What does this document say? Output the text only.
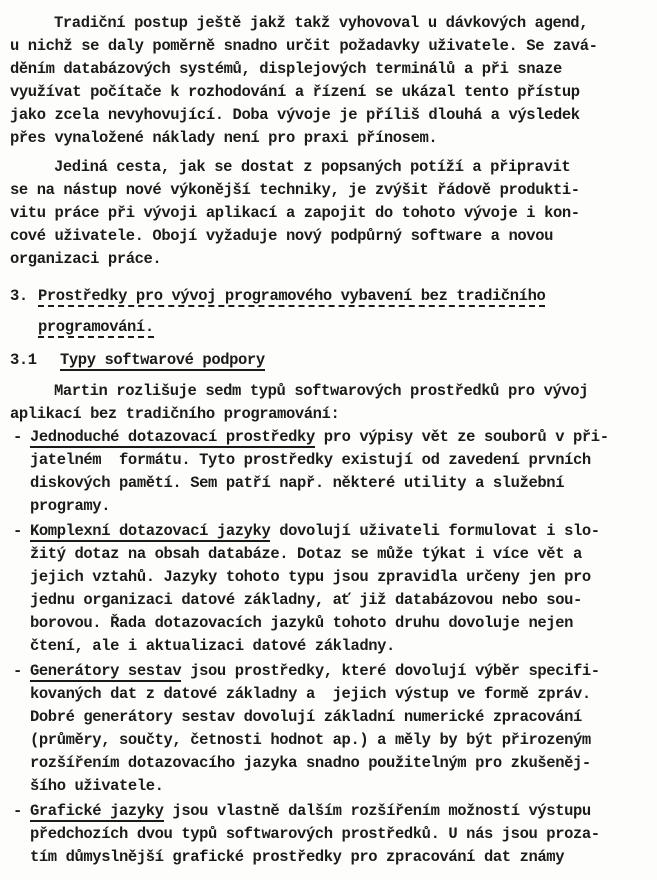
Tradiční postup ještě jakž takž vyhovoval u dávkových agend,
u nichž se daly poměrně snadno určit požadavky uživatele. Se zavá-
děním databázových systémů, displejových terminálů a při snaze
využívat počítače k rozhodování a řízení se ukázal tento přístup
jako zcela nevyhovující. Doba vývoje je příliš dlouhá a výsledek
přes vynaložené náklady není pro praxi přínosem.
Jediná cesta, jak se dostat z popsaných potíží a připravit
se na nástup nové výkonější techniky, je zvýšit řádově produkti-
vitu práce při vývoji aplikací a zapojit do tohoto vývoje i kon-
cové uživatele. Obojí vyžaduje nový podpůrný software a novou
organizaci práce.
3. Prostředky pro vývoj programového vybavení bez tradičního
programování.
3.1 Typy softwarové podpory
Martin rozlišuje sedm typů softwarových prostředků pro vývoj
aplikací bez tradičního programování:
- Jednoduché dotazovací prostředky pro výpisy vět ze souborů v při-
jatelném  formátu. Tyto prostředky existují od zavedení prvních
diskových pamětí. Sem patří např. některé utility a služební
programy.
- Komplexní dotazovací jazyky dovolují uživateli formulovat i slo-
žitý dotaz na obsah databáze. Dotaz se může týkat i více vět a
jejich vztahů. Jazyky tohoto typu jsou zpravidla určeny jen pro
jednu organizaci datové základny, ať již databázovou nebo sou-
borovou. Řada dotazovacích jazyků tohoto druhu dovoluje nejen
čtení, ale i aktualizaci datové základny.
- Generátory sestav jsou prostředky, které dovolují výběr specifi-
kovaných dat z datové základny a  jejich výstup ve formě zpráv.
Dobré generátory sestav dovolují základní numerické zpracování
(průměry, součty, četnosti hodnot ap.) a měly by být přirozeným
rozšířením dotazovacího jazyka snadno použitelným pro zkušeněj-
šího uživatele.
- Grafické jazyky jsou vlastně dalším rozšířením možností výstupu
předchozích dvou typů softwarových prostředků. U nás jsou proza-
tím důmyslnější grafické prostředky pro zpracování dat známy
